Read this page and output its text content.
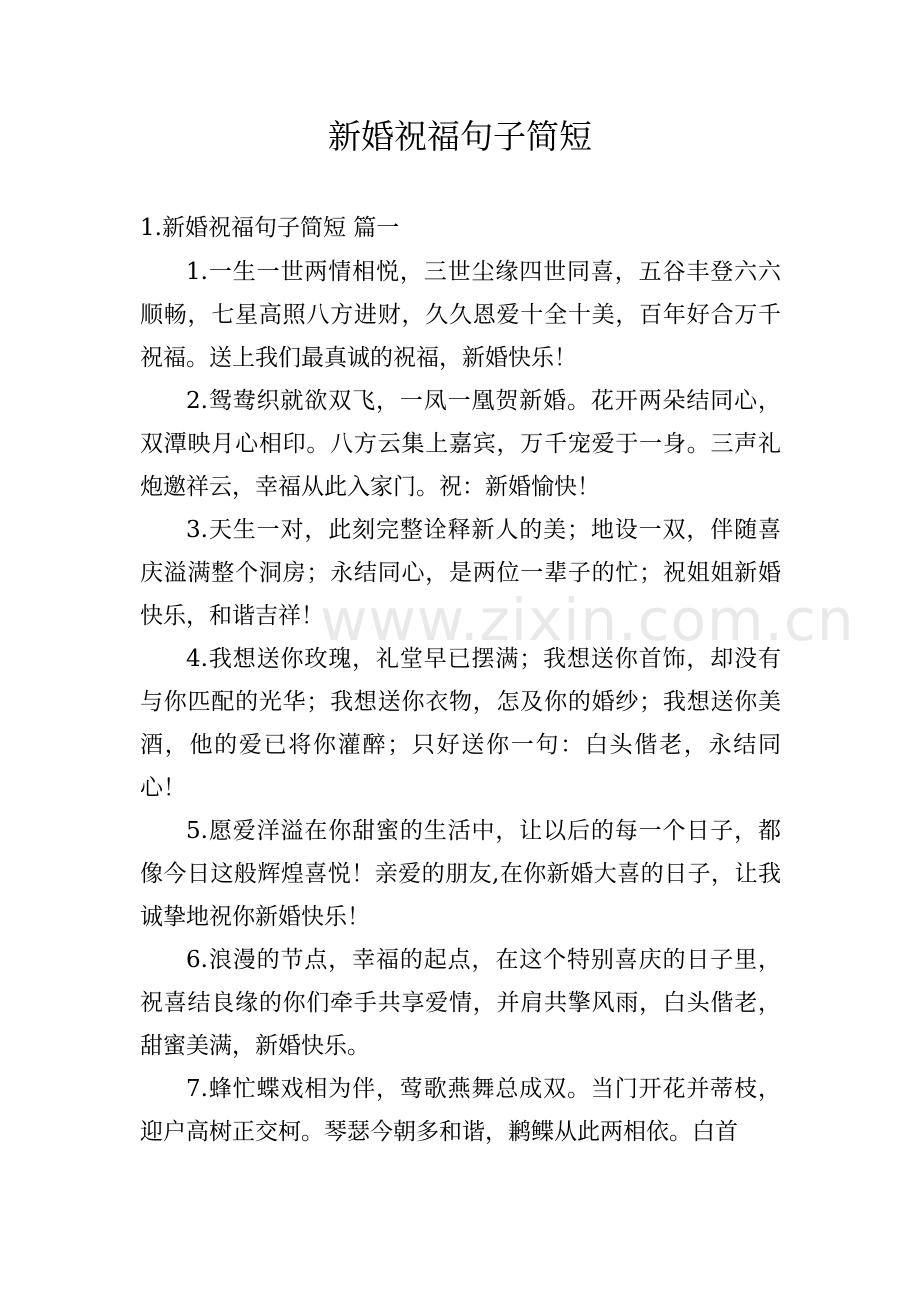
新婚祝福句子简短
1.新婚祝福句子简短 篇一

1.一生一世两情相悦，三世尘缘四世同喜，五谷丰登六六顺畅，七星高照八方进财，久久恩爱十全十美，百年好合万千祝福。送上我们最真诚的祝福，新婚快乐！

2.鸳鸯织就欲双飞，一凤一凰贺新婚。花开两朵结同心，双潭映月心相印。八方云集上嘉宾，万千宠爱于一身。三声礼炮邀祥云，幸福从此入家门。祝：新婚愉快！

3.天生一对，此刻完整诠释新人的美；地设一双，伴随喜庆溢满整个洞房；永结同心，是两位一辈子的忙；祝姐姐新婚快乐，和谐吉祥！

4.我想送你玫瑰，礼堂早已摆满；我想送你首饰，却没有与你匹配的光华；我想送你衣物，怎及你的婚纱；我想送你美酒，他的爱已将你灌醉；只好送你一句：白头偕老，永结同心！

5.愿爱洋溢在你甜蜜的生活中，让以后的每一个日子，都像今日这般辉煌喜悦！亲爱的朋友,在你新婚大喜的日子，让我诚挚地祝你新婚快乐！

6.浪漫的节点，幸福的起点，在这个特别喜庆的日子里，祝喜结良缘的你们牵手共享爱情，并肩共擎风雨，白头偕老，甜蜜美满，新婚快乐。

7.蜂忙蝶戏相为伴，莺歌燕舞总成双。当门开花并蒂枝，迎户高树正交柯。琴瑟今朝多和谐，鹣鲽从此两相依。白首

www.zixin.com.cn
